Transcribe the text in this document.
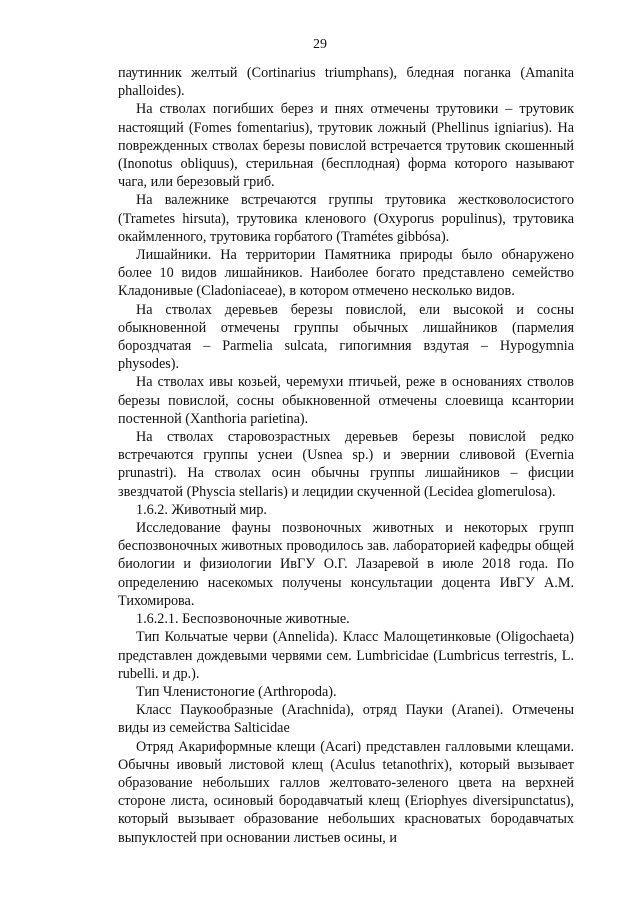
29

паутинник желтый (Cortinarius triumphans), бледная поганка (Amanita phalloides).

На стволах погибших берез и пнях отмечены трутовики – трутовик настоящий (Fomes fomentarius), трутовик ложный (Phellinus igniarius). На поврежденных стволах березы повислой встречается трутовик скошенный (Inonotus obliquus), стерильная (бесплодная) форма которого называют чага, или березовый гриб.

На валежнике встречаются группы трутовика жестковолосистого (Trametes hirsuta), трутовика кленового (Oxyporus populinus), трутовика окаймленного, трутовика горбатого (Tramétes gibbósa).

Лишайники. На территории Памятника природы было обнаружено более 10 видов лишайников. Наиболее богато представлено семейство Кладонивые (Cladoniaceae), в котором отмечено несколько видов.

На стволах деревьев березы повислой, ели высокой и сосны обыкновенной отмечены группы обычных лишайников (пармелия бороздчатая – Parmelia sulcata, гипогимния вздутая – Hypogymnia physodes).

На стволах ивы козьей, черемухи птичьей, реже в основаниях стволов березы повислой, сосны обыкновенной отмечены слоевища ксантории постенной (Xanthoria parietina).

На стволах старовозрастных деревьев березы повислой редко встречаются группы уснеи (Usnea sp.) и эвернии сливовой (Evernia prunastri). На стволах осин обычны группы лишайников – фисции звездчатой (Physcia stellaris) и лецидии скученной (Lecidea glomerulosa).

1.6.2. Животный мир.

Исследование фауны позвоночных животных и некоторых групп беспозвоночных животных проводилось зав. лабораторией кафедры общей биологии и физиологии ИвГУ О.Г. Лазаревой в июле 2018 года. По определению насекомых получены консультации доцента ИвГУ А.М. Тихомирова.

1.6.2.1. Беспозвоночные животные.

Тип Кольчатые черви (Annelida). Класс Малощетинковые (Oligochaeta) представлен дождевыми червями сем. Lumbricidae (Lumbricus terrestris, L. rubelli. и др.).

Тип Членистоногие (Arthropoda).

Класс Паукообразные (Arachnida), отряд Пауки (Aranei). Отмечены виды из семейства Salticidae

Отряд Акариформные клещи (Acari) представлен галловыми клещами. Обычны ивовый листовой клещ (Aculus tetanothrix), который вызывает образование небольших галлов желтовато-зеленого цвета на верхней стороне листа, осиновый бородавчатый клещ (Eriophyes diversipunctatus), который вызывает образование небольших красноватых бородавчатых выпуклостей при основании листьев осины, и
